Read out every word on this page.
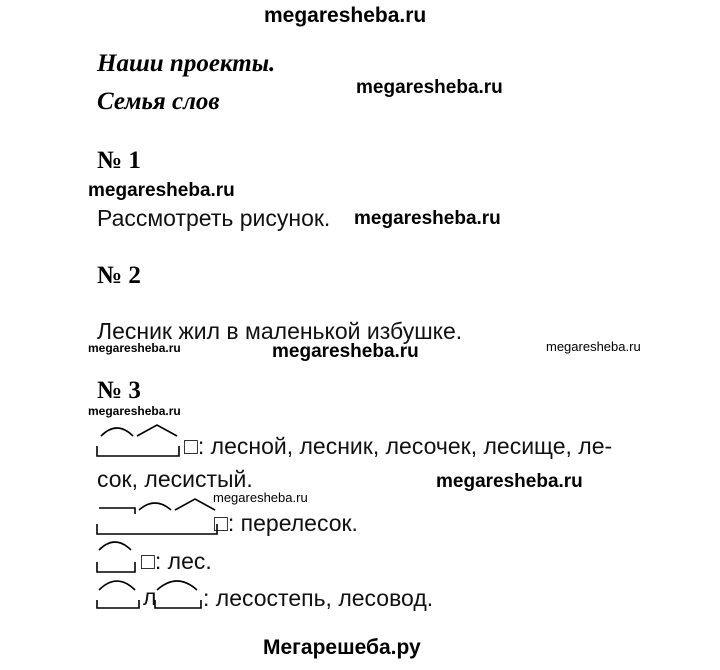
megaresheba.ru
megaresheba.ru
megaresheba.ru
megaresheba.ru
megaresheba.ru	megaresheba.ru	megaresheba.ru
megaresheba.ru
megaresheba.ru
megaresheba.ru
Наши проекты.
Семья слов
№ 1
Рассмотреть рисунок.
№ 2
Лесник жил в маленькой избушке.
№ 3
□: лесной, лесник, лесочек, лесище, ле-
сок, лесистый.
□: перелесок.
□: лес.
л : лесостепь, лесовод.
Мегарешеба.ру
